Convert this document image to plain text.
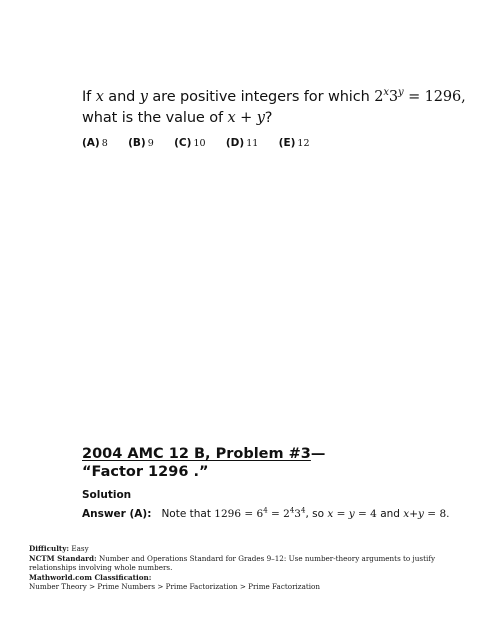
If x and y are positive integers for which $2^x3^y = 1296$,
what is the value of x + y?
(A) 8 (B) 9 (C) 10 (D) 11 (E) 12
2004 AMC 12 B, Problem #3—
“Factor 1296 .”
Solution
Answer (A): Note that $1296 = 6^4 = 2^43^4$, so x = y = 4 and x+y = 8.
Difficulty: Easy
NCTM Standard: Number and Operations Standard for Grades 9–12: Use number-theory arguments to justify relationships involving whole numbers.
Mathworld.com Classification:
Number Theory > Prime Numbers > Prime Factorization > Prime Factorization
